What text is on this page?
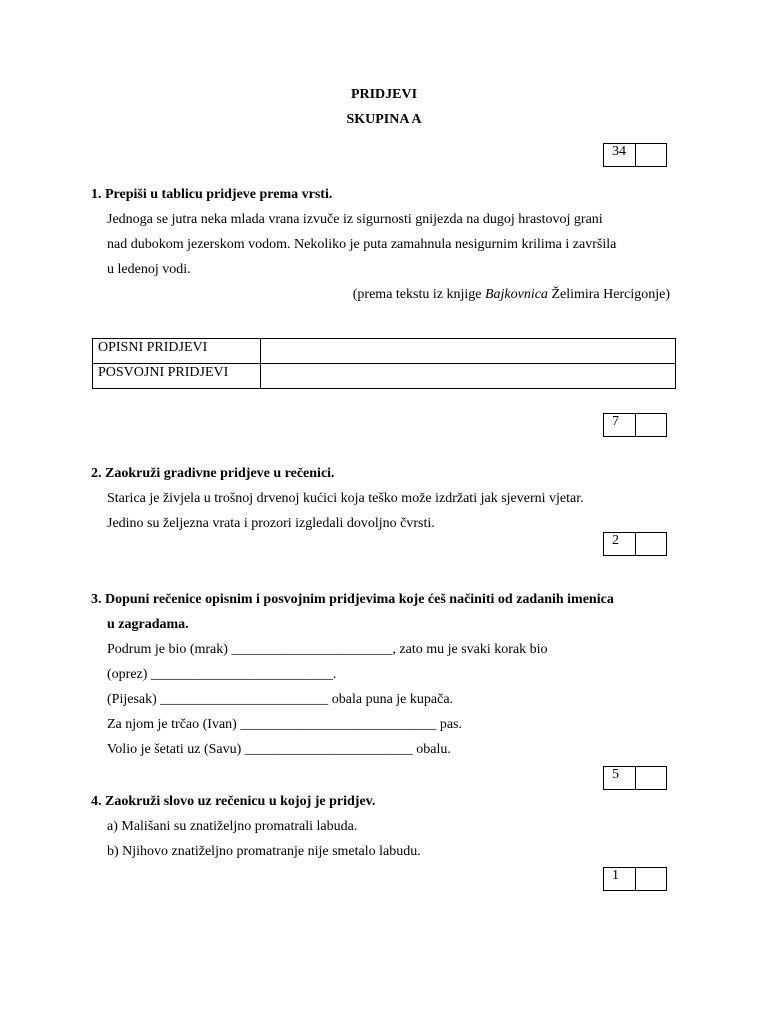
PRIDJEVI
SKUPINA A
34
1. Prepiši u tablicu pridjeve prema vrsti.
Jednoga se jutra neka mlada vrana izvuče iz sigurnosti gnijezda na dugoj hrastovoj grani
nad dubokom jezerskom vodom. Nekoliko je puta zamahnula nesigurnim krilima i završila
u ledenoj vodi.
(prema tekstu iz knjige Bajkovnica Želimira Hercigonje)
OPISNI PRIDJEVI	
POSVOJNI PRIDJEVI	
7
2. Zaokruži gradivne pridjeve u rečenici.
Starica je živjela u trošnoj drvenoj kućici koja teško može izdržati jak sjeverni vjetar.
Jedino su željezna vrata i prozori izgledali dovoljno čvrsti.
2
3. Dopuni rečenice opisnim i posvojnim pridjevima koje ćeš načiniti od zadanih imenica
u zagradama.
Podrum je bio (mrak) _______________________, zato mu je svaki korak bio
(oprez) __________________________.
(Pijesak) ________________________ obala puna je kupača.
Za njom je trčao (Ivan) ____________________________ pas.
Volio je šetati uz (Savu) ________________________ obalu.
5
4. Zaokruži slovo uz rečenicu u kojoj je pridjev.
a) Mališani su znatiželjno promatrali labuda.
b) Njihovo znatiželjno promatranje nije smetalo labudu.
1
